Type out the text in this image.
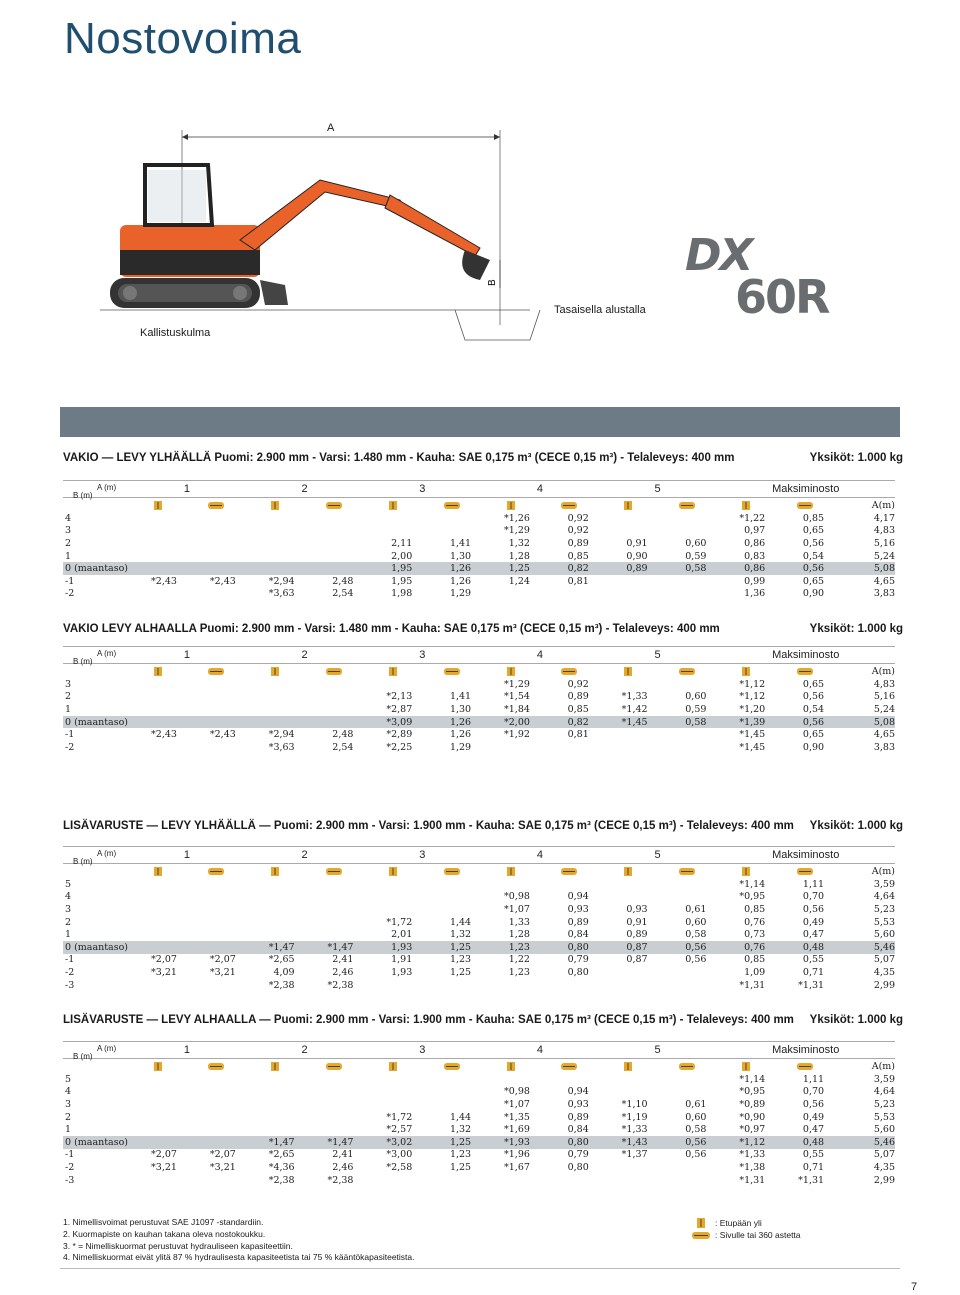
Nostovoima
B
A
Tasaisella alustalla
Kallistuskulma
DX
60R
VAKIO — LEVY YLHÄÄLLÄ Puomi: 2.900 mm - Varsi: 1.480 mm - Kauha: SAE 0,175 m³ (CECE 0,15 m³) - Telaleveys: 400 mm	Yksiköt: 1.000 kg
A (m)	1		2		3		4		5		Maksiminosto		

B (m)													A(m)
4							*1,26	0,92			*1,22	0,85	4,17
3							*1,29	0,92			0,97	0,65	4,83
2					2,11	1,41	1,32	0,89	0,91	0,60	0,86	0,56	5,16
1					2,00	1,30	1,28	0,85	0,90	0,59	0,83	0,54	5,24
0 (maantaso)					1,95	1,26	1,25	0,82	0,89	0,58	0,86	0,56	5,08
-1	*2,43	*2,43	*2,94	2,48	1,95	1,26	1,24	0,81			0,99	0,65	4,65
-2			*3,63	2,54	1,98	1,29					1,36	0,90	3,83
VAKIO LEVY ALHAALLA Puomi: 2.900 mm - Varsi: 1.480 mm - Kauha: SAE 0,175 m³ (CECE 0,15 m³) - Telaleveys: 400 mm	Yksiköt: 1.000 kg
A (m)	1		2		3		4		5		Maksiminosto		

B (m)													A(m)
3							*1,29	0,92			*1,12	0,65	4,83
2					*2,13	1,41	*1,54	0,89	*1,33	0,60	*1,12	0,56	5,16
1					*2,87	1,30	*1,84	0,85	*1,42	0,59	*1,20	0,54	5,24
0 (maantaso)					*3,09	1,26	*2,00	0,82	*1,45	0,58	*1,39	0,56	5,08
-1	*2,43	*2,43	*2,94	2,48	*2,89	1,26	*1,92	0,81			*1,45	0,65	4,65
-2			*3,63	2,54	*2,25	1,29					*1,45	0,90	3,83
LISÄVARUSTE — LEVY YLHÄÄLLÄ — Puomi: 2.900 mm - Varsi: 1.900 mm - Kauha: SAE 0,175 m³ (CECE 0,15 m³) - Telaleveys: 400 mm Yksiköt: 1.000 kg
A (m)	1		2		3		4		5		Maksiminosto		

B (m)													A(m)
5											*1,14	1,11	3,59
4							*0,98	0,94			*0,95	0,70	4,64
3							*1,07	0,93	0,93	0,61	0,85	0,56	5,23
2					*1,72	1,44	1,33	0,89	0,91	0,60	0,76	0,49	5,53
1					2,01	1,32	1,28	0,84	0,89	0,58	0,73	0,47	5,60
0 (maantaso)			*1,47	*1,47	1,93	1,25	1,23	0,80	0,87	0,56	0,76	0,48	5,46
-1	*2,07	*2,07	*2,65	2,41	1,91	1,23	1,22	0,79	0,87	0,56	0,85	0,55	5,07
-2	*3,21	*3,21	4,09	2,46	1,93	1,25	1,23	0,80			1,09	0,71	4,35
-3			*2,38	*2,38							*1,31	*1,31	2,99
LISÄVARUSTE — LEVY ALHAALLA — Puomi: 2.900 mm - Varsi: 1.900 mm - Kauha: SAE 0,175 m³ (CECE 0,15 m³) - Telaleveys: 400 mm Yksiköt: 1.000 kg
A (m)	1		2		3		4		5		Maksiminosto		

B (m)													A(m)
5											*1,14	1,11	3,59
4							*0,98	0,94			*0,95	0,70	4,64
3							*1,07	0,93	*1,10	0,61	*0,89	0,56	5,23
2					*1,72	1,44	*1,35	0,89	*1,19	0,60	*0,90	0,49	5,53
1					*2,57	1,32	*1,69	0,84	*1,33	0,58	*0,97	0,47	5,60
0 (maantaso)			*1,47	*1,47	*3,02	1,25	*1,93	0,80	*1,43	0,56	*1,12	0,48	5,46
-1	*2,07	*2,07	*2,65	2,41	*3,00	1,23	*1,96	0,79	*1,37	0,56	*1,33	0,55	5,07
-2	*3,21	*3,21	*4,36	2,46	*2,58	1,25	*1,67	0,80			*1,38	0,71	4,35
-3			*2,38	*2,38							*1,31	*1,31	2,99
1. Nimellisvoimat perustuvat SAE J1097 -standardiin.
2. Kuormapiste on kauhan takana oleva nostokoukku.
3. * = Nimelliskuormat perustuvat hydrauliseen kapasiteettiin.
4. Nimelliskuormat eivät ylitä 87 % hydraulisesta kapasiteetista tai 75 % kääntökapasiteetista.
: Etupään yli
: Sivulle tai 360 astetta
7
